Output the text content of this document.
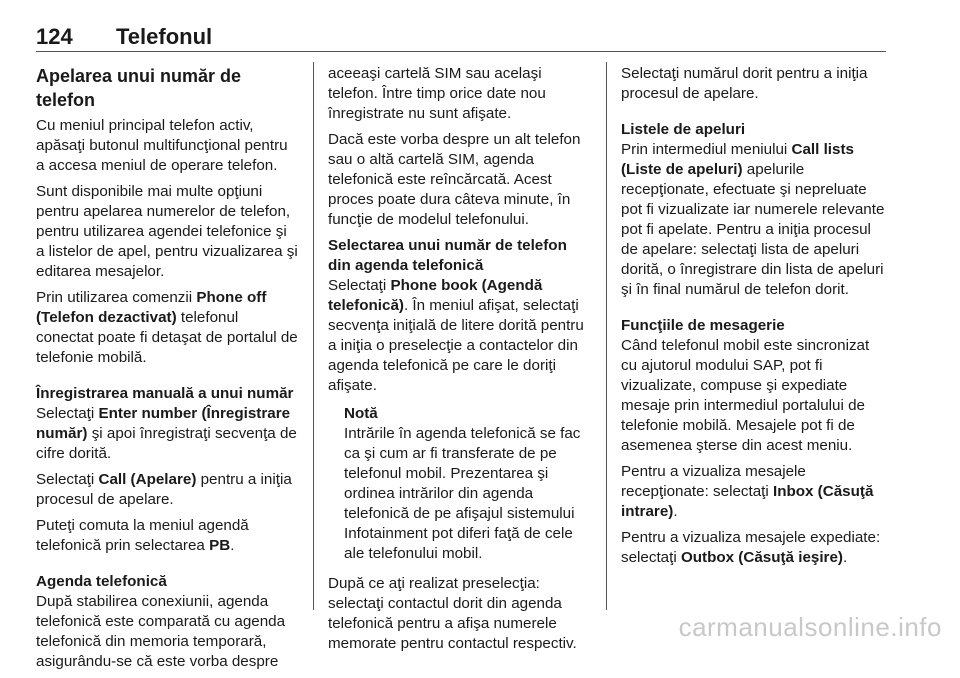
124 Telefonul
Apelarea unui număr de telefon

Cu meniul principal telefon activ, apăsaţi butonul multifuncţional pentru a accesa meniul de operare telefon.

Sunt disponibile mai multe opţiuni pentru apelarea numerelor de telefon, pentru utilizarea agendei telefonice şi a listelor de apel, pentru vizualizarea şi editarea mesajelor.

Prin utilizarea comenzii Phone off (Telefon dezactivat) telefonul conectat poate fi detaşat de portalul de telefonie mobilă.

Înregistrarea manuală a unui număr

Selectaţi Enter number (Înregistrare număr) şi apoi înregistraţi secvenţa de cifre dorită.

Selectaţi Call (Apelare) pentru a iniţia procesul de apelare.

Puteţi comuta la meniul agendă telefonică prin selectarea PB.

Agenda telefonică

După stabilirea conexiunii, agenda telefonică este comparată cu agenda telefonică din memoria temporară, asigurându-se că este vorba despre

aceeaşi cartelă SIM sau acelaşi telefon. Între timp orice date nou înregistrate nu sunt afişate.

Dacă este vorba despre un alt telefon sau o altă cartelă SIM, agenda telefonică este reîncărcată. Acest proces poate dura câteva minute, în funcţie de modelul telefonului.

Selectarea unui număr de telefon din agenda telefonică

Selectaţi Phone book (Agendă telefonică). În meniul afişat, selectaţi secvenţa iniţială de litere dorită pentru a iniţia o preselecţie a contactelor din agenda telefonică pe care le doriţi afişate.

Notă
Intrările în agenda telefonică se fac ca şi cum ar fi transferate de pe telefonul mobil. Prezentarea şi ordinea intrărilor din agenda telefonică de pe afişajul sistemului Infotainment pot diferi faţă de cele ale telefonului mobil.

După ce aţi realizat preselecţia: selectaţi contactul dorit din agenda telefonică pentru a afişa numerele memorate pentru contactul respectiv.

Selectaţi numărul dorit pentru a iniţia procesul de apelare.

Listele de apeluri

Prin intermediul meniului Call lists (Liste de apeluri) apelurile recepţionate, efectuate şi nepreluate pot fi vizualizate iar numerele relevante pot fi apelate. Pentru a iniţia procesul de apelare: selectaţi lista de apeluri dorită, o înregistrare din lista de apeluri şi în final numărul de telefon dorit.

Funcţiile de mesagerie

Când telefonul mobil este sincronizat cu ajutorul modului SAP, pot fi vizualizate, compuse şi expediate mesaje prin intermediul portalului de telefonie mobilă. Mesajele pot fi de asemenea şterse din acest meniu.

Pentru a vizualiza mesajele recepţionate: selectaţi Inbox (Căsuţă intrare).

Pentru a vizualiza mesajele expediate: selectaţi Outbox (Căsuţă ieşire).

carmanualsonline.info
